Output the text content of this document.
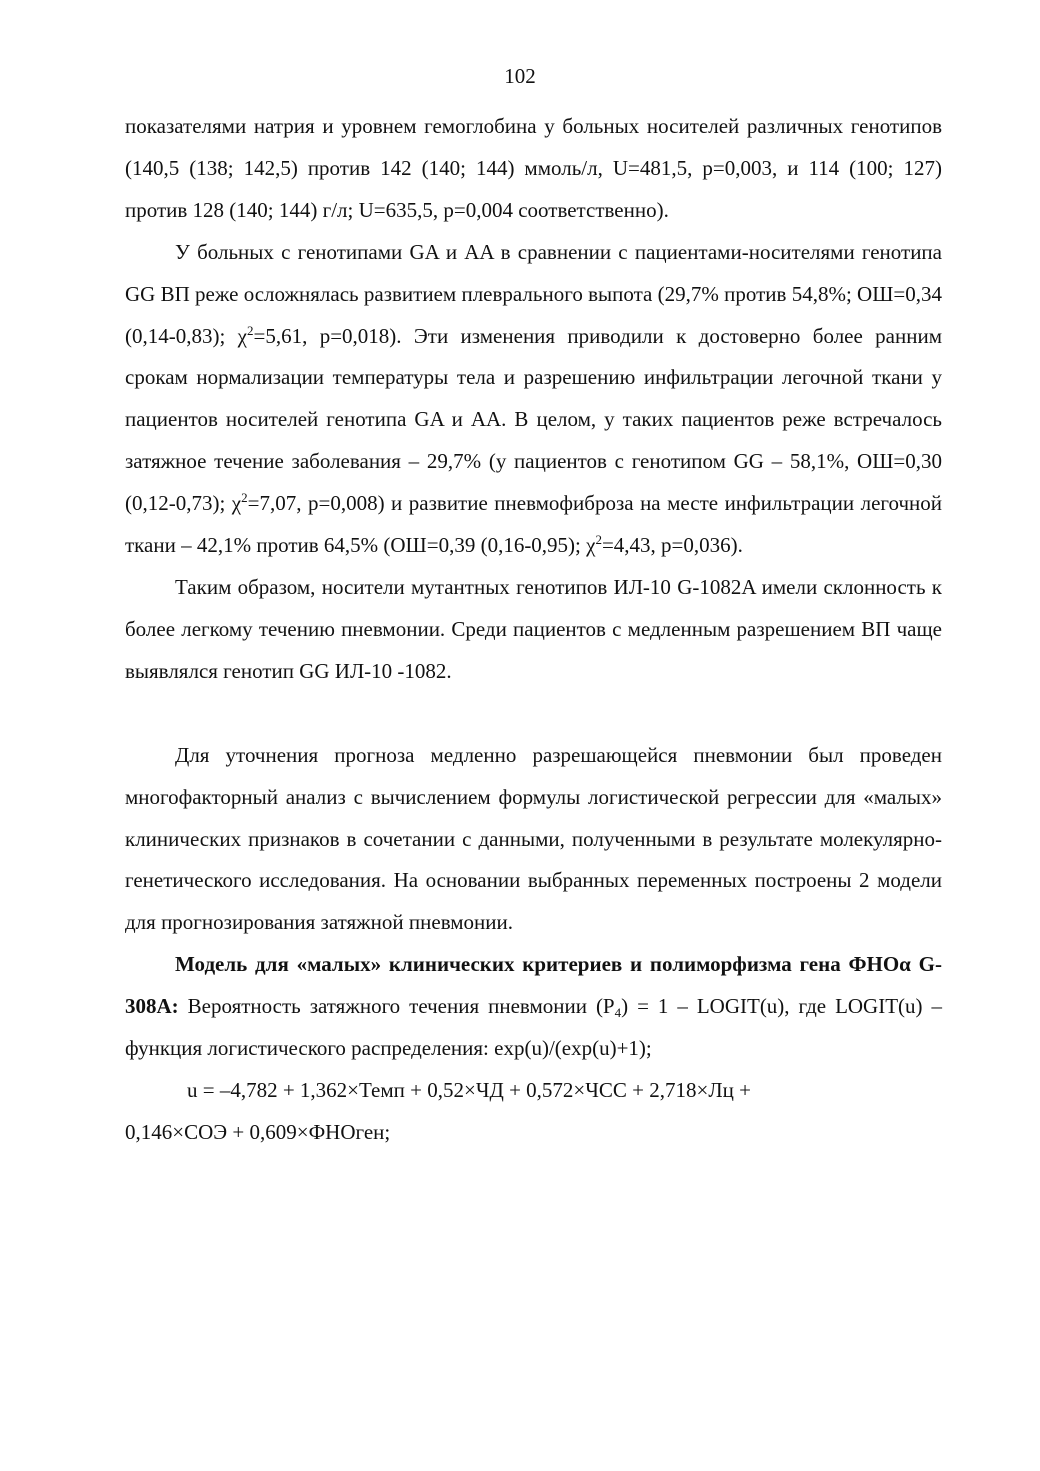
102

показателями натрия и уровнем гемоглобина у больных носителей различных генотипов (140,5 (138; 142,5) против 142 (140; 144) ммоль/л, U=481,5, p=0,003, и 114 (100; 127) против 128 (140; 144) г/л; U=635,5, p=0,004 соответственно).

У больных с генотипами GA и AA в сравнении с пациентами-носителями генотипа GG ВП реже осложнялась развитием плеврального выпота (29,7% против 54,8%; ОШ=0,34 (0,14-0,83); $\chi^2=5,61$, p=0,018). Эти изменения приводили к достоверно более ранним срокам нормализации температуры тела и разрешению инфильтрации легочной ткани у пациентов носителей генотипа GA и AA. В целом, у таких пациентов реже встречалось затяжное течение заболевания – 29,7% (у пациентов с генотипом GG – 58,1%, ОШ=0,30 (0,12-0,73); $\chi^2=7,07$, p=0,008) и развитие пневмофиброза на месте инфильтрации легочной ткани – 42,1% против 64,5% (ОШ=0,39 (0,16-0,95); $\chi^2=4,43$, p=0,036).

Таким образом, носители мутантных генотипов ИЛ-10 G-1082A имели склонность к более легкому течению пневмонии. Среди пациентов с медленным разрешением ВП чаще выявлялся генотип GG ИЛ-10 -1082.

Для уточнения прогноза медленно разрешающейся пневмонии был проведен многофакторный анализ с вычислением формулы логистической регрессии для «малых» клинических признаков в сочетании с данными, полученными в результате молекулярно-генетического исследования. На основании выбранных переменных построены 2 модели для прогнозирования затяжной пневмонии.

Модель для «малых» клинических критериев и полиморфизма гена ФНОα G-308A: Вероятность затяжного течения пневмонии $(Р_4) = 1$ – LOGIT(u), где LOGIT(u) – функция логистического распределения: exp(u)/(exp(u)+1);

u = –4,782 + 1,362×Темп + 0,52×ЧД + 0,572×ЧСС + 2,718×Лц +

0,146×СОЭ + 0,609×ФНОген;
